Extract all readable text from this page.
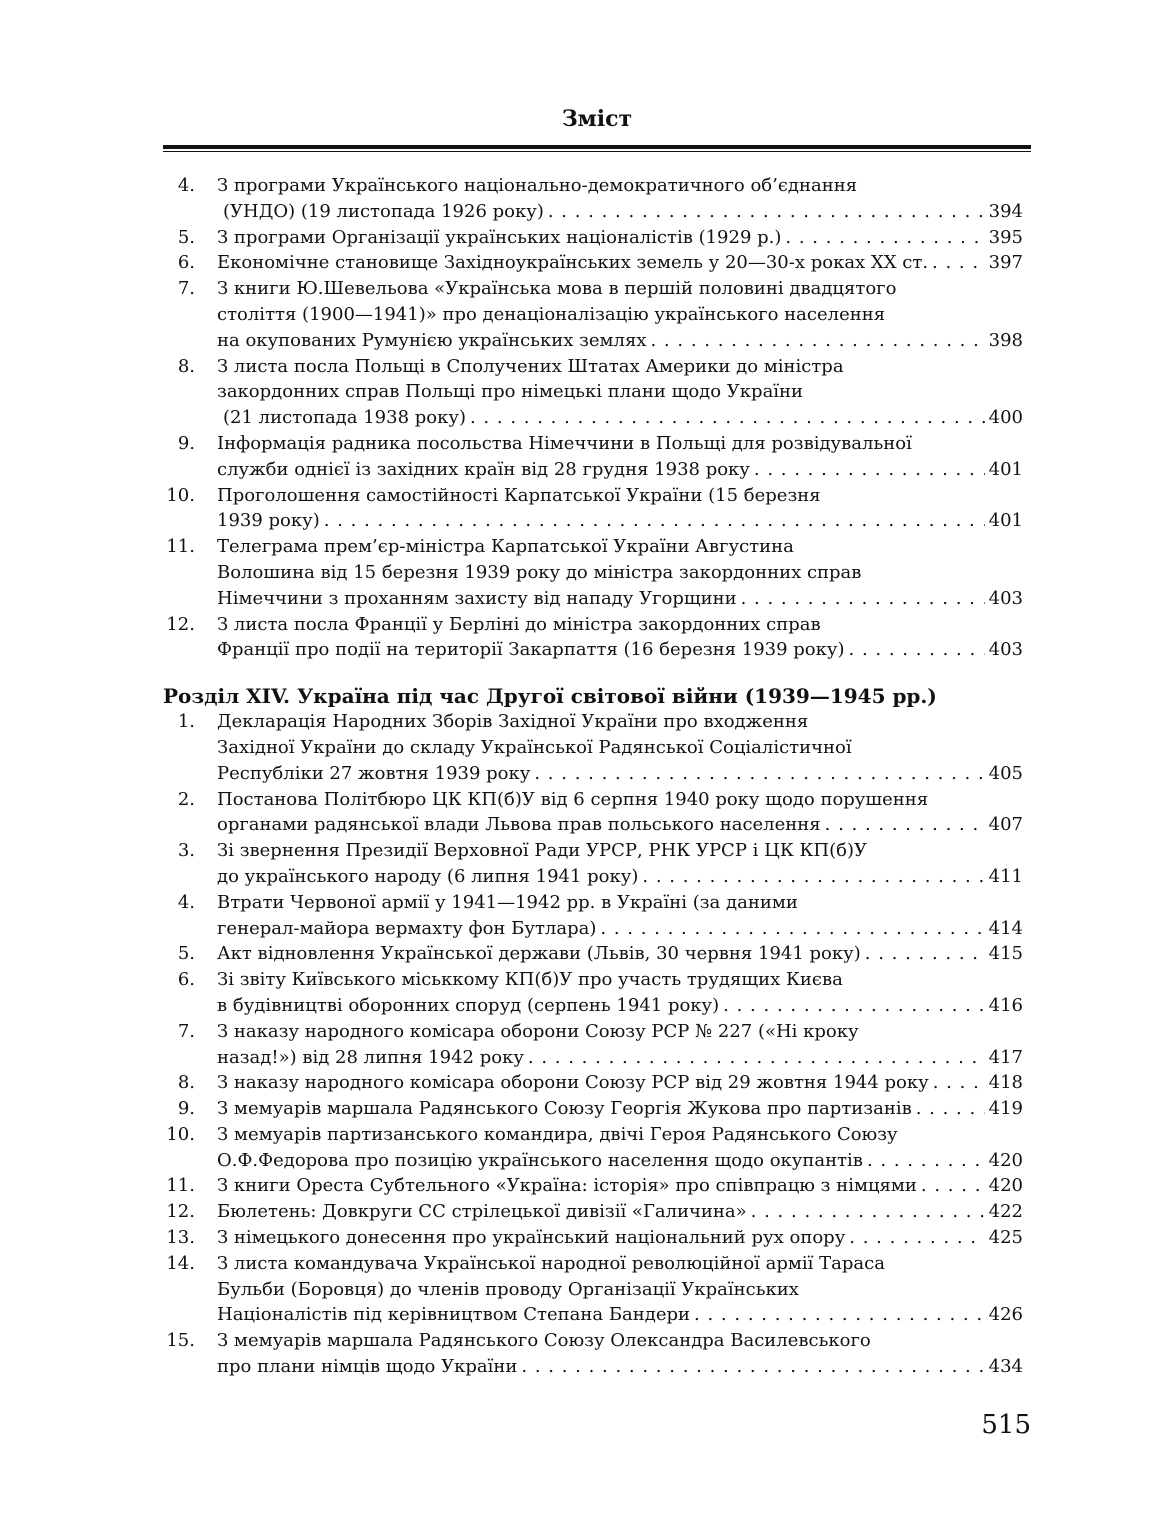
Зміст
4. З програми Українського національно-демократичного об’єднання
(УНДО) (19 листопада 1926 року) . . .	394
5. З програми Організації українських націоналістів (1929 р.) . . .	395
6. Економічне становище Західноукраїнських земель у 20—30-х роках XX ст. . . .	397
7. З книги Ю.Шевельова «Українська мова в першій половині двадцятого
століття (1900—1941)» про денаціоналізацію українського населення
на окупованих Румунією українських землях . . .	398
8. З листа посла Польщі в Сполучених Штатах Америки до міністра
закордонних справ Польщі про німецькі плани щодо України
(21 листопада 1938 року) . . .	400
9. Інформація радника посольства Німеччини в Польщі для розвідувальної
служби однієї із західних країн від 28 грудня 1938 року . . .	401
10. Проголошення самостійності Карпатської України (15 березня
1939 року) . . .	401
11. Телеграма прем’єр-міністра Карпатської України Августина
Волошина від 15 березня 1939 року до міністра закордонних справ
Німеччини з проханням захисту від нападу Угорщини . . .	403
12. З листа посла Франції у Берліні до міністра закордонних справ
Франції про події на території Закарпаття (16 березня 1939 року) . . .	403
Розділ XIV. Україна під час Другої світової війни (1939—1945 рр.)
1. Декларація Народних Зборів Західної України про входження
Західної України до складу Української Радянської Соціалістичної
Республіки 27 жовтня 1939 року . . .	405
2. Постанова Політбюро ЦК КП(б)У від 6 серпня 1940 року щодо порушення
органами радянської влади Львова прав польського населення . . .	407
3. Зі звернення Президії Верховної Ради УРСР, РНК УРСР і ЦК КП(б)У
до українського народу (6 липня 1941 року) . . .	411
4. Втрати Червоної армії у 1941—1942 рр. в Україні (за даними
генерал-майора вермахту фон Бутлара) . . .	414
5. Акт відновлення Української держави (Львів, 30 червня 1941 року) . . .	415
6. Зі звіту Київського міськкому КП(б)У про участь трудящих Києва
в будівництві оборонних споруд (серпень 1941 року) . . .	416
7. З наказу народного комісара оборони Союзу РСР № 227 («Ні кроку
назад!») від 28 липня 1942 року . . .	417
8. З наказу народного комісара оборони Союзу РСР від 29 жовтня 1944 року . . .	418
9. З мемуарів маршала Радянського Союзу Георгія Жукова про партизанів . . .	419
10. З мемуарів партизанського командира, двічі Героя Радянського Союзу
О.Ф.Федорова про позицію українського населення щодо окупантів . . .	420
11. З книги Ореста Субтельного «Україна: історія» про співпрацю з німцями . . .	420
12. Бюлетень: Довкруги СС стрілецької дивізії «Галичина» . . .	422
13. З німецького донесення про український національний рух опору . . .	425
14. З листа командувача Української народної революційної армії Тараса
Бульби (Боровця) до членів проводу Організації Українських
Націоналістів під керівництвом Степана Бандери . . .	426
15. З мемуарів маршала Радянського Союзу Олександра Василевського
про плани німців щодо України . . .	434
515
